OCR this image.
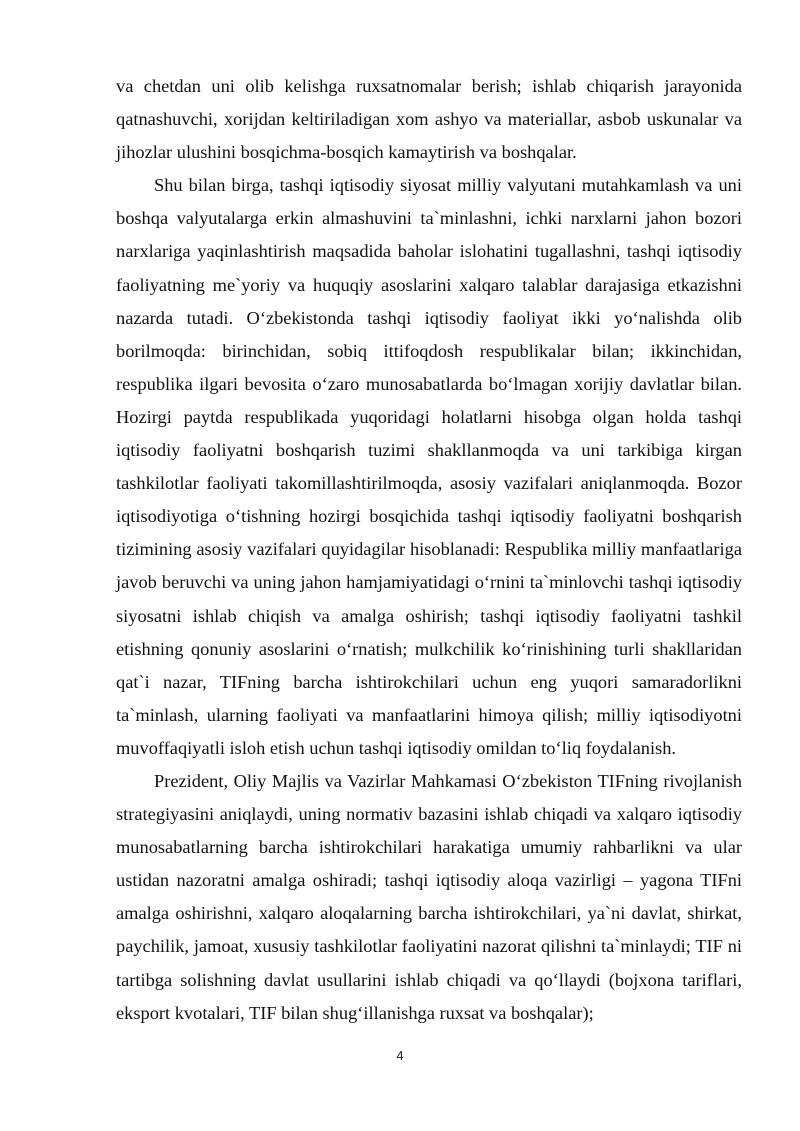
va chetdan uni olib kelishga ruxsatnomalar berish; ishlab chiqarish jarayonida qatnashuvchi, xorijdan keltiriladigan xom ashyo va materiallar, asbob uskunalar va jihozlar ulushini bosqichma-bosqich kamaytirish va boshqalar.

Shu bilan birga, tashqi iqtisodiy siyosat milliy valyutani mutahkamlash va uni boshqa valyutalarga erkin almashuvini ta`minlashni, ichki narxlarni jahon bozori narxlariga yaqinlashtirish maqsadida baholar islohatini tugallashni, tashqi iqtisodiy faoliyatning me`yoriy va huquqiy asoslarini xalqaro talablar darajasiga etkazishni nazarda tutadi. O‘zbekistonda tashqi iqtisodiy faoliyat ikki yo‘nalishda olib borilmoqda: birinchidan, sobiq ittifoqdosh respublikalar bilan; ikkinchidan, respublika ilgari bevosita o‘zaro munosabatlarda bo‘lmagan xorijiy davlatlar bilan. Hozirgi paytda respublikada yuqoridagi holatlarni hisobga olgan holda tashqi iqtisodiy faoliyatni boshqarish tuzimi shakllanmoqda va uni tarkibiga kirgan tashkilotlar faoliyati takomillashtirilmoqda, asosiy vazifalari aniqlanmoqda. Bozor iqtisodiyotiga o‘tishning hozirgi bosqichida tashqi iqtisodiy faoliyatni boshqarish tizimining asosiy vazifalari quyidagilar hisoblanadi: Respublika milliy manfaatlariga javob beruvchi va uning jahon hamjamiyatidagi o‘rnini ta`minlovchi tashqi iqtisodiy siyosatni ishlab chiqish va amalga oshirish; tashqi iqtisodiy faoliyatni tashkil etishning qonuniy asoslarini o‘rnatish; mulkchilik ko‘rinishining turli shakllaridan qat`i nazar, TIFning barcha ishtirokchilari uchun eng yuqori samaradorlikni ta`minlash, ularning faoliyati va manfaatlarini himoya qilish; milliy iqtisodiyotni muvoffaqiyatli isloh etish uchun tashqi iqtisodiy omildan to‘liq foydalanish.

Prezident, Oliy Majlis va Vazirlar Mahkamasi O‘zbekiston TIFning rivojlanish strategiyasini aniqlaydi, uning normativ bazasini ishlab chiqadi va xalqaro iqtisodiy munosabatlarning barcha ishtirokchilari harakatiga umumiy rahbarlikni va ular ustidan nazoratni amalga oshiradi; tashqi iqtisodiy aloqa vazirligi – yagona TIFni amalga oshirishni, xalqaro aloqalarning barcha ishtirokchilari, ya`ni davlat, shirkat, paychilik, jamoat, xususiy tashkilotlar faoliyatini nazorat qilishni ta`minlaydi; TIF ni tartibga solishning davlat usullarini ishlab chiqadi va qo‘llaydi (bojxona tariflari, eksport kvotalari, TIF bilan shug‘illanishga ruxsat va boshqalar);

4
